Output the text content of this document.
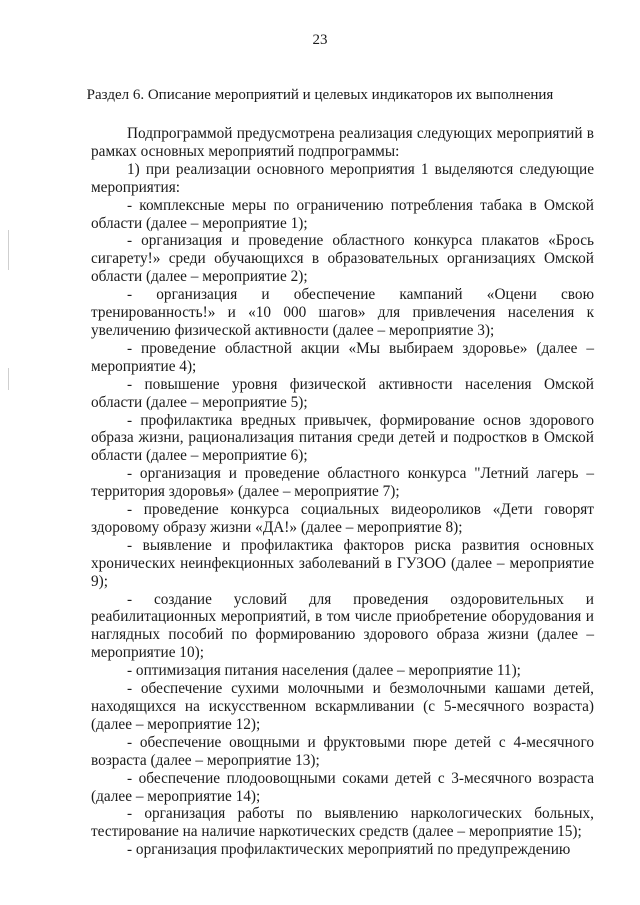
23
Раздел 6. Описание мероприятий и целевых индикаторов их выполнения

Подпрограммой предусмотрена реализация следующих мероприятий в рамках основных мероприятий подпрограммы:

1) при реализации основного мероприятия 1 выделяются следующие мероприятия:

- комплексные меры по ограничению потребления табака в Омской области (далее – мероприятие 1);

- организация и проведение областного конкурса плакатов «Брось сигарету!» среди обучающихся в образовательных организациях Омской области (далее – мероприятие 2);

- организация и обеспечение кампаний «Оцени свою тренированность!» и «10 000 шагов» для привлечения населения к увеличению физической активности (далее – мероприятие 3);

- проведение областной акции «Мы выбираем здоровье» (далее – мероприятие 4);

- повышение уровня физической активности населения Омской области (далее – мероприятие 5);

- профилактика вредных привычек, формирование основ здорового образа жизни, рационализация питания среди детей и подростков в Омской области (далее – мероприятие 6);

- организация и проведение областного конкурса "Летний лагерь – территория здоровья» (далее – мероприятие 7);

- проведение конкурса социальных видеороликов «Дети говорят здоровому образу жизни «ДА!» (далее – мероприятие 8);

- выявление и профилактика факторов риска развития основных хронических неинфекционных заболеваний в ГУЗОО (далее – мероприятие 9);

- создание условий для проведения оздоровительных и реабилитационных мероприятий, в том числе приобретение оборудования и наглядных пособий по формированию здорового образа жизни (далее – мероприятие 10);

- оптимизация питания населения (далее – мероприятие 11);

- обеспечение сухими молочными и безмолочными кашами детей, находящихся на искусственном вскармливании (с 5-месячного возраста) (далее – мероприятие 12);

- обеспечение овощными и фруктовыми пюре детей с 4-месячного возраста (далее – мероприятие 13);

- обеспечение плодоовощными соками детей с 3-месячного возраста (далее – мероприятие 14);

- организация работы по выявлению наркологических больных, тестирование на наличие наркотических средств (далее – мероприятие 15);

- организация профилактических мероприятий по предупреждению
